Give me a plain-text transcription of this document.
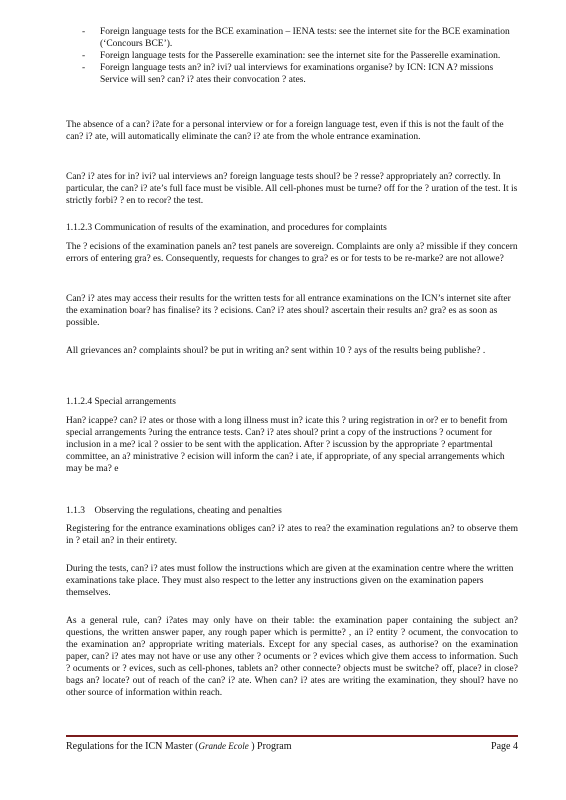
- Foreign language tests for the BCE examination – IENA tests: see the internet site for the BCE examination (‘Concours BCE’).
- Foreign language tests for the Passerelle examination: see the internet site for the Passerelle examination.
- Foreign language tests an? in? ivi? ual interviews for examinations organise? by ICN: ICN A? missions Service will sen? can? i? ates their convocation ? ates.
The absence of a can? i?ate for a personal interview or for a foreign language test, even if this is not the fault of the can? i? ate, will automatically eliminate the can? i? ate from the whole entrance examination.
Can? i? ates for in? ivi? ual interviews an? foreign language tests shoul? be ? resse? appropriately an? correctly. In particular, the can? i? ate’s full face must be visible. All cell-phones must be turne? off for the ? uration of the test. It is strictly forbi? ? en to recor? the test.
1.1.2.3 Communication of results of the examination, and procedures for complaints
The ? ecisions of the examination panels an? test panels are sovereign. Complaints are only a? missible if they concern errors of entering gra? es. Consequently, requests for changes to gra? es or for tests to be re-marke? are not allowe?
Can? i? ates may access their results for the written tests for all entrance examinations on the ICN’s internet site after the examination boar? has finalise? its ? ecisions. Can? i? ates shoul? ascertain their results an? gra? es as soon as possible.
All grievances an? complaints shoul? be put in writing an? sent within 10 ? ays of the results being publishe? .
1.1.2.4 Special arrangements
Han? icappe? can? i? ates or those with a long illness must in? icate this ? uring registration in or? er to benefit from special arrangements ?uring the entrance tests. Can? i? ates shoul? print a copy of the instructions ? ocument for inclusion in a me? ical ? ossier to be sent with the application. After ? iscussion by the appropriate ? epartmental committee, an a? ministrative ? ecision will inform the can? i ate, if appropriate, of any special arrangements which may be ma? e
1.1.3 Observing the regulations, cheating and penalties
Registering for the entrance examinations obliges can? i? ates to rea? the examination regulations an? to observe them in ? etail an? in their entirety.
During the tests, can? i? ates must follow the instructions which are given at the examination centre where the written examinations take place. They must also respect to the letter any instructions given on the examination papers themselves.
As a general rule, can? i?ates may only have on their table: the examination paper containing the subject an? questions, the written answer paper, any rough paper which is permitte? , an i? entity ? ocument, the convocation to the examination an? appropriate writing materials. Except for any special cases, as authorise? on the examination paper, can? i? ates may not have or use any other ? ocuments or ? evices which give them access to information. Such ? ocuments or ? evices, such as cell-phones, tablets an? other connecte? objects must be switche? off, place? in close? bags an? locate? out of reach of the can? i? ate. When can? i? ates are writing the examination, they shoul? have no other source of information within reach.
Regulations for the ICN Master (Grande Ecole ) Program	Page 4
